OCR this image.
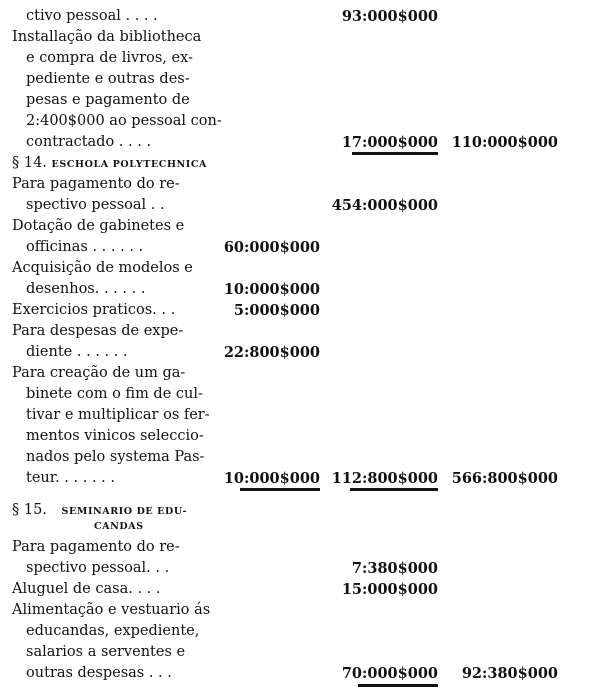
ctivo pessoal . . . .
Installação da bibliotheca
e compra de livros, ex-
pediente e outras des-
pesas e pagamento de
2:400$000 ao pessoal con-
contractado . . . .
§ 14. ESCHOLA POLYTECHNICA
Para pagamento do re-
spectivo pessoal . .
Dotação de gabinetes e
officinas . . . . . .
Acquisição de modelos e
desenhos. . . . . .
Exercicios praticos. . .
Para despesas de expe-
diente . . . . . .
Para creação de um ga-
binete com o fim de cul-
tivar e multiplicar os fer-
mentos vinicos seleccio-
nados pelo systema Pas-
teur. . . . . . .
§ 15. SEMINARIO DE EDU-
CANDAS
Para pagamento do re-
spectivo pessoal. . .
Aluguel de casa. . . .
Alimentação e vestuario ás
educandas, expediente,
salarios a serventes e
outras despesas . . .
93:000$000
17:000$000 110:000$000
454:000$000
60:000$000
10:000$000
5:000$000
22:800$000
10:000$000 112:800$000 566:800$000
7:380$000
15:000$000
70:000$000 92:380$000
